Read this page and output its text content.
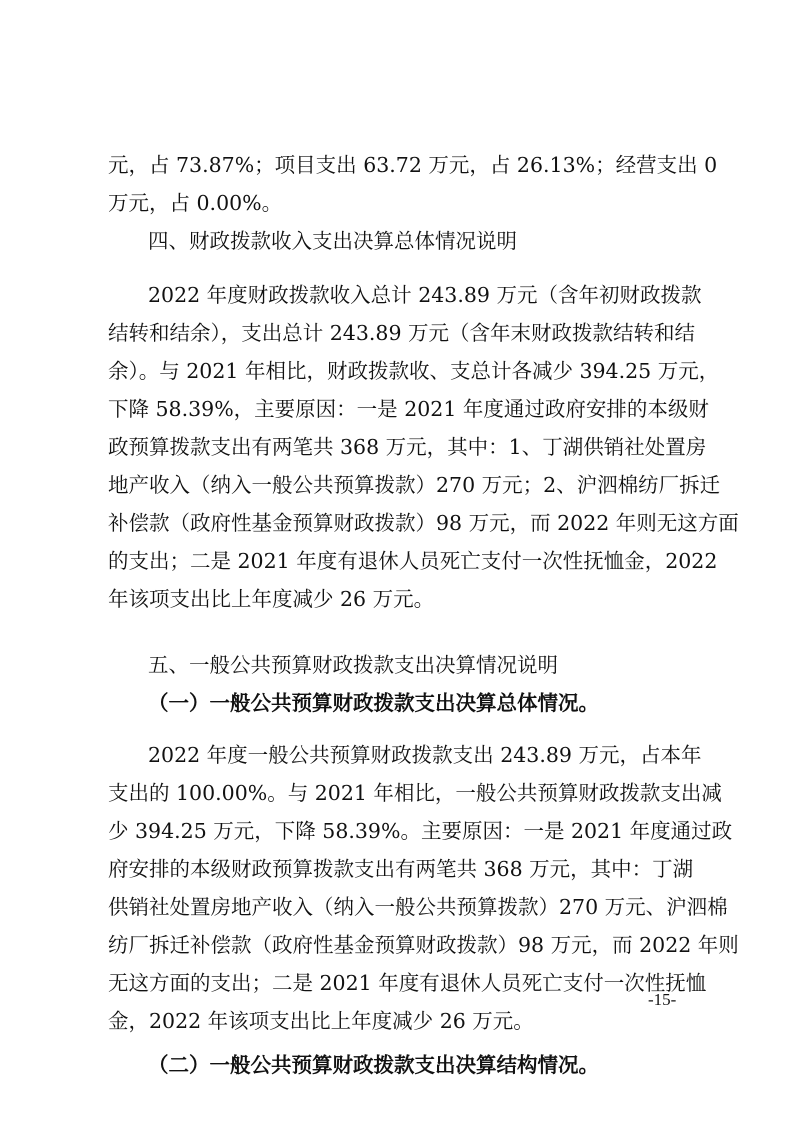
元，占 73.87%；项目支出 63.72 万元，占 26.13%；经营支出 0
万元，占 0.00%。
四、财政拨款收入支出决算总体情况说明
2022 年度财政拨款收入总计 243.89 万元（含年初财政拨款
结转和结余），支出总计 243.89 万元（含年末财政拨款结转和结
余）。与 2021 年相比，财政拨款收、支总计各减少 394.25 万元，
下降 58.39%，主要原因：一是 2021 年度通过政府安排的本级财
政预算拨款支出有两笔共 368 万元，其中：1、丁湖供销社处置房
地产收入（纳入一般公共预算拨款）270 万元；2、沪泗棉纺厂拆迁
补偿款（政府性基金预算财政拨款）98 万元，而 2022 年则无这方面
的支出；二是 2021 年度有退休人员死亡支付一次性抚恤金，2022
年该项支出比上年度减少 26 万元。
五、一般公共预算财政拨款支出决算情况说明
（一）一般公共预算财政拨款支出决算总体情况。
2022 年度一般公共预算财政拨款支出 243.89 万元，占本年
支出的 100.00%。与 2021 年相比，一般公共预算财政拨款支出减
少 394.25 万元，下降 58.39%。主要原因：一是 2021 年度通过政
府安排的本级财政预算拨款支出有两笔共 368 万元，其中：丁湖
供销社处置房地产收入（纳入一般公共预算拨款）270 万元、沪泗棉
纺厂拆迁补偿款（政府性基金预算财政拨款）98 万元，而 2022 年则
无这方面的支出；二是 2021 年度有退休人员死亡支付一次性抚恤
金，2022 年该项支出比上年度减少 26 万元。
（二）一般公共预算财政拨款支出决算结构情况。
-15-
